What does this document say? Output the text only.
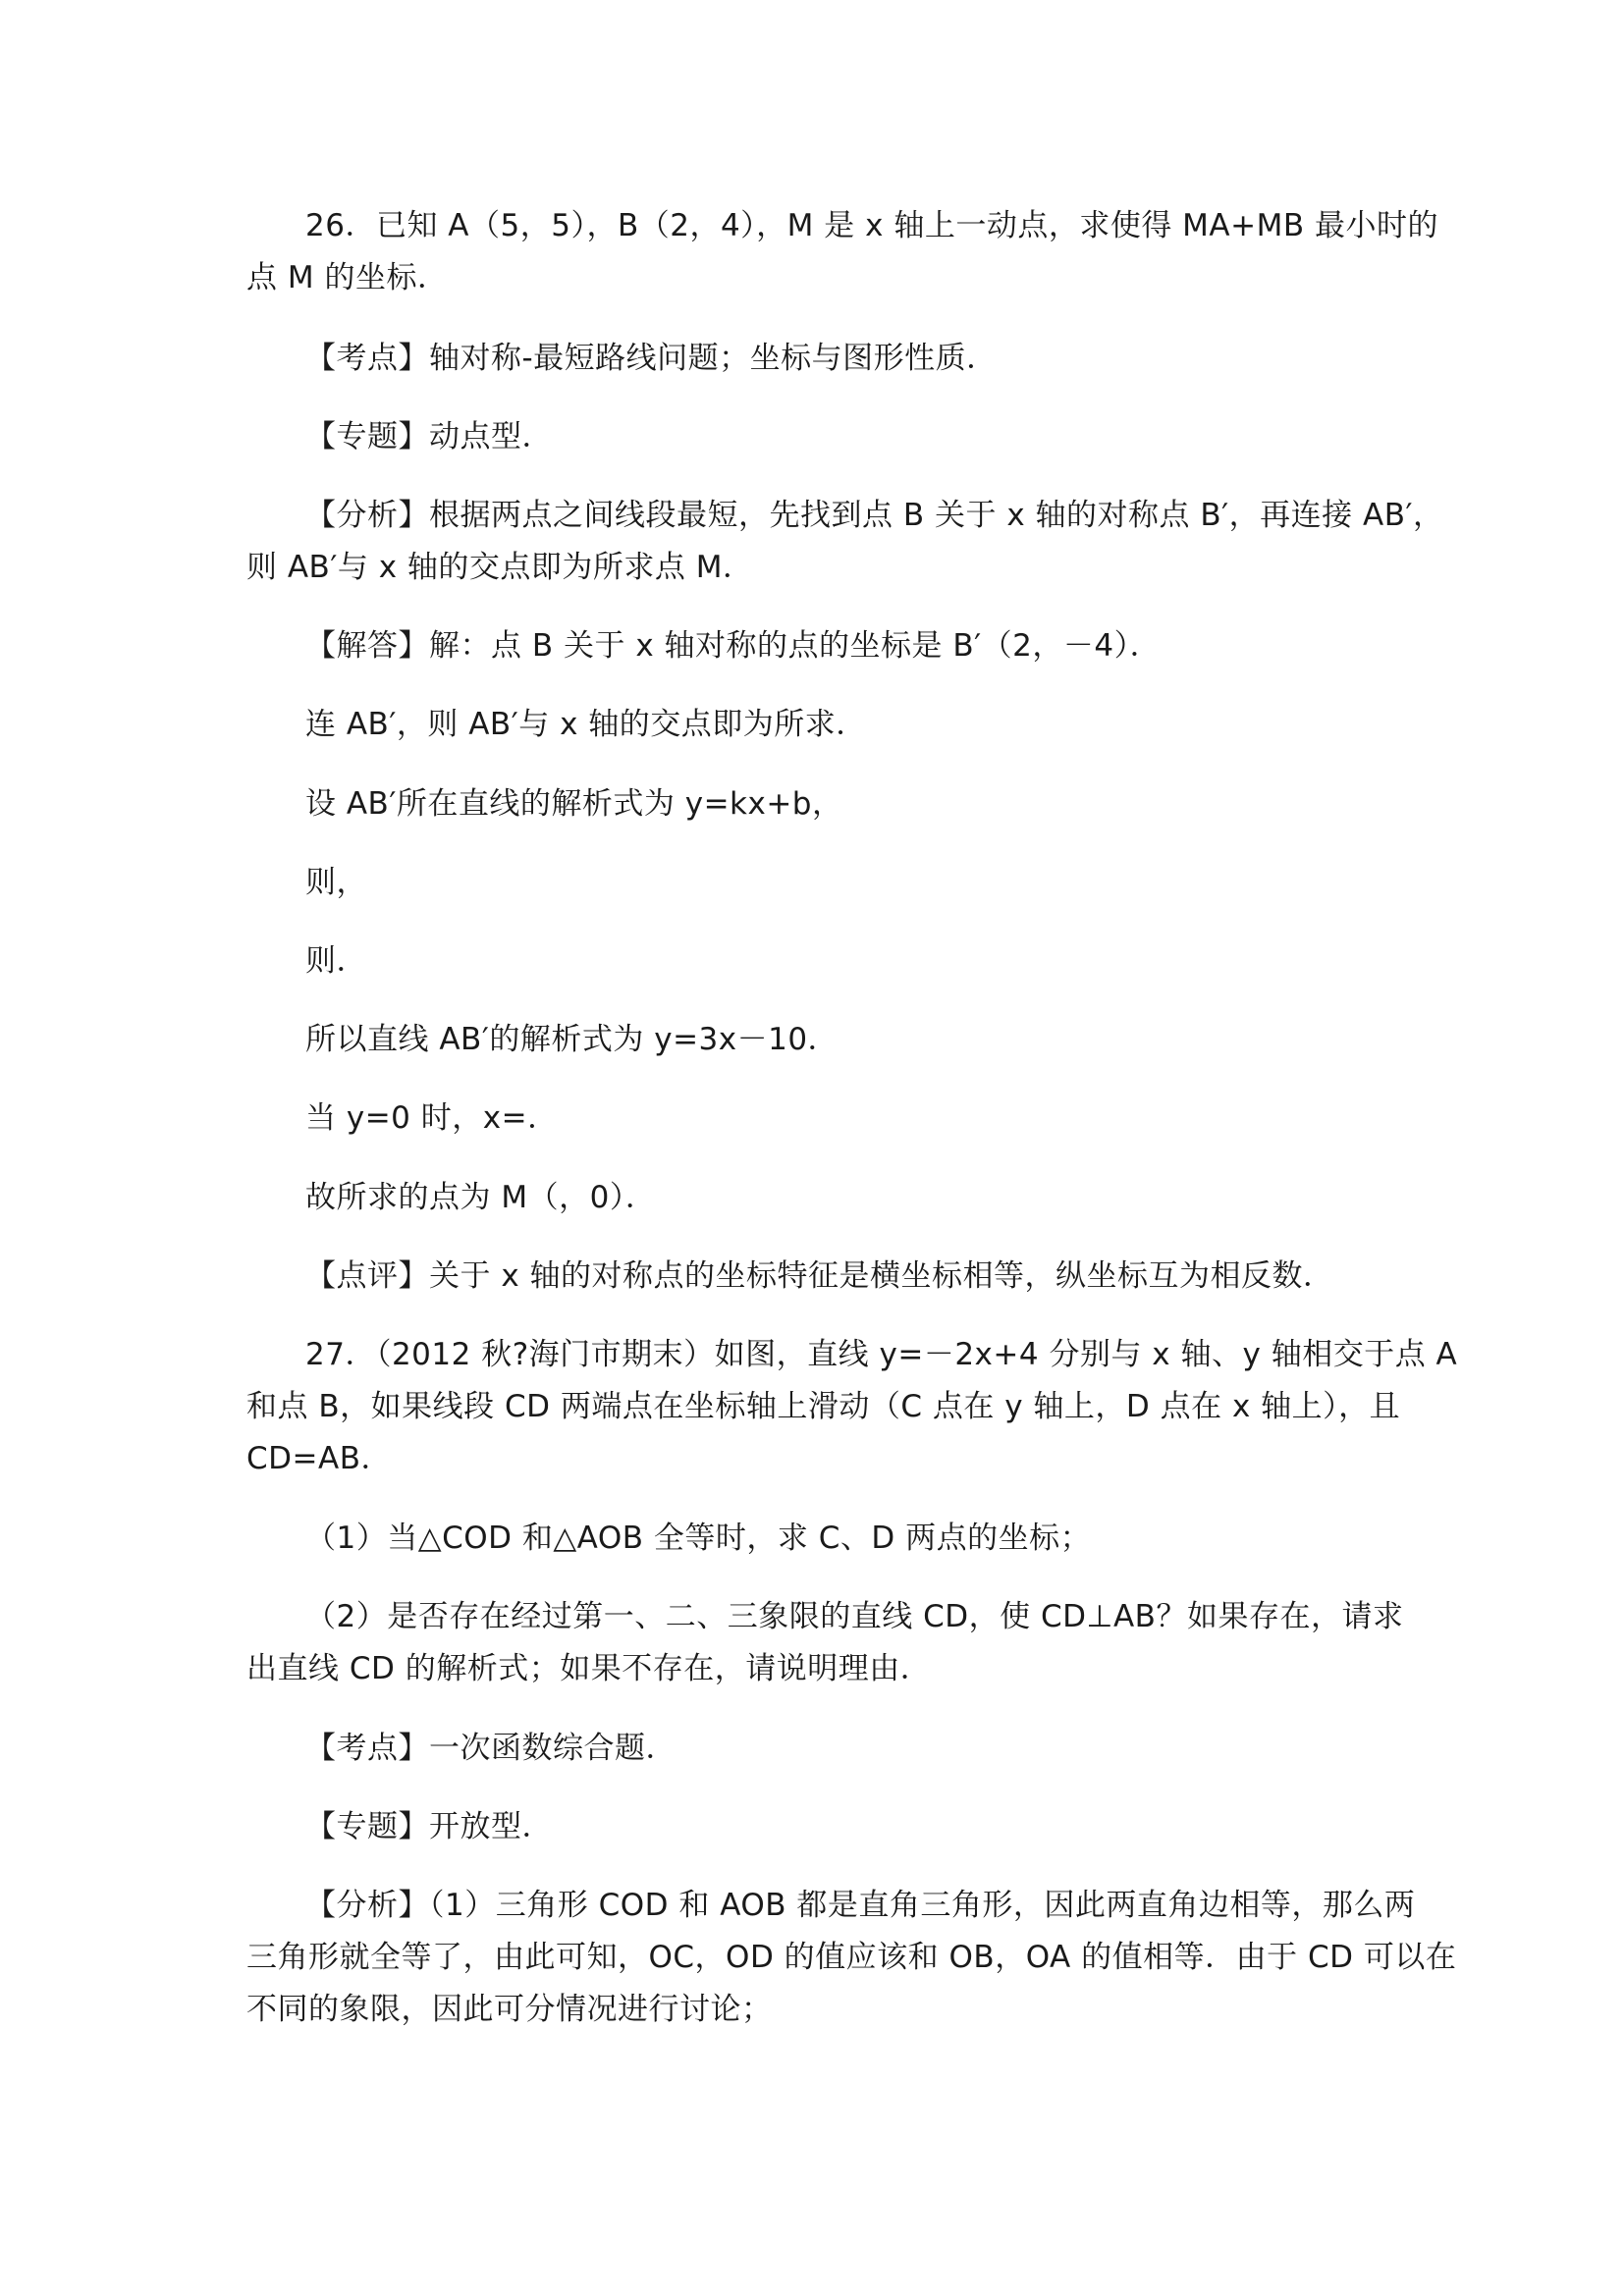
26．已知 A（5，5），B（2，4），M 是 x 轴上一动点，求使得 MA+MB 最小时的

点 M 的坐标．

【考点】轴对称-最短路线问题；坐标与图形性质．

【专题】动点型．

【分析】根据两点之间线段最短，先找到点 B 关于 x 轴的对称点 B′，再连接 AB′，

则 AB′与 x 轴的交点即为所求点 M．

【解答】解：点 B 关于 x 轴对称的点的坐标是 B′（2，－4）．

连 AB′，则 AB′与 x 轴的交点即为所求．

设 AB′所在直线的解析式为 y=kx+b，

则，

则．

所以直线 AB′的解析式为 y=3x－10．

当 y=0 时，x=．

故所求的点为 M（，0）．

【点评】关于 x 轴的对称点的坐标特征是横坐标相等，纵坐标互为相反数．

27．（2012 秋?海门市期末）如图，直线 y=－2x+4 分别与 x 轴、y 轴相交于点 A

和点 B，如果线段 CD 两端点在坐标轴上滑动（C 点在 y 轴上，D 点在 x 轴上），且

CD=AB．

（1）当△COD 和△AOB 全等时，求 C、D 两点的坐标；

（2）是否存在经过第一、二、三象限的直线 CD，使 CD⊥AB？如果存在，请求

出直线 CD 的解析式；如果不存在，请说明理由．

【考点】一次函数综合题．

【专题】开放型．

【分析】（1）三角形 COD 和 AOB 都是直角三角形，因此两直角边相等，那么两

三角形就全等了，由此可知，OC，OD 的值应该和 OB，OA 的值相等．由于 CD 可以在

不同的象限，因此可分情况进行讨论；
